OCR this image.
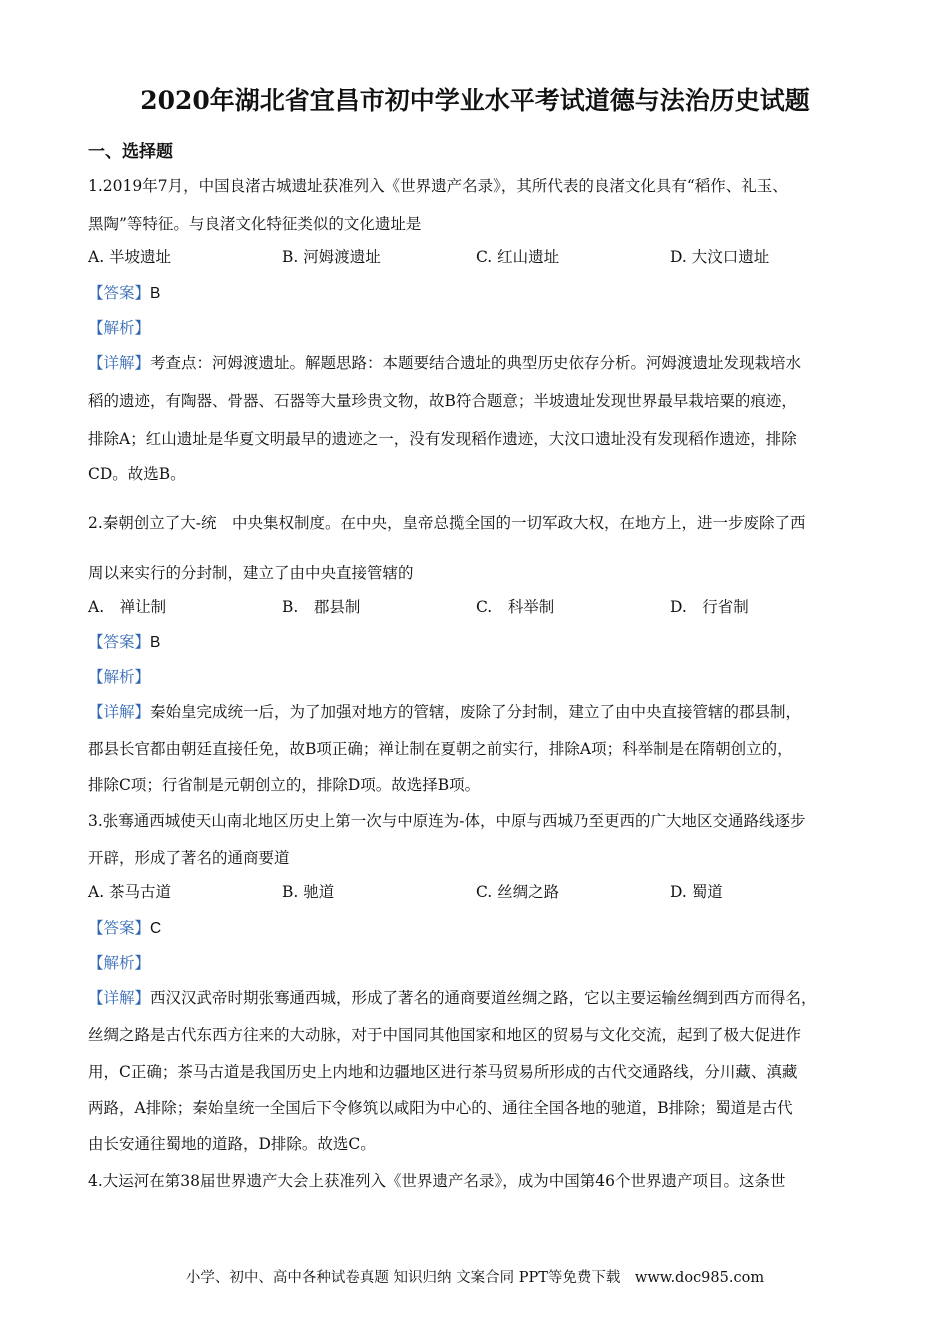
2020年湖北省宜昌市初中学业水平考试道德与法治历史试题
一、选择题
1.2019年7月，中国良渚古城遗址获准列入《世界遗产名录》，其所代表的良渚文化具有“稻作、礼玉、
黑陶”等特征。与良渚文化特征类似的文化遗址是
A. 半坡遗址	B. 河姆渡遗址	C. 红山遗址	D. 大汶口遗址
【答案】B
【解析】
【详解】考查点：河姆渡遗址。解题思路：本题要结合遗址的典型历史依存分析。河姆渡遗址发现栽培水
稻的遗迹，有陶器、骨器、石器等大量珍贵文物，故B符合题意；半坡遗址发现世界最早栽培粟的痕迹，
排除A；红山遗址是华夏文明最早的遗迹之一，没有发现稻作遗迹，大汶口遗址没有发现稻作遗迹，排除
CD。故选B。
2.秦朝创立了大-统　中央集权制度。在中央，皇帝总揽全国的一切军政大权，在地方上，进一步废除了西
周以来实行的分封制，建立了由中央直接管辖的
A.　禅让制	B.　郡县制	C.　科举制	D.　行省制
【答案】B
【解析】
【详解】秦始皇完成统一后，为了加强对地方的管辖，废除了分封制，建立了由中央直接管辖的郡县制，
郡县长官都由朝廷直接任免，故B项正确；禅让制在夏朝之前实行，排除A项；科举制是在隋朝创立的，
排除C项；行省制是元朝创立的，排除D项。故选择B项。
3.张骞通西城使天山南北地区历史上第一次与中原连为-体，中原与西城乃至更西的广大地区交通路线逐步
开辟，形成了著名的通商要道
A. 茶马古道	B. 驰道	C. 丝绸之路	D. 蜀道
【答案】C
【解析】
【详解】西汉汉武帝时期张骞通西城，形成了著名的通商要道丝绸之路，它以主要运输丝绸到西方而得名，
丝绸之路是古代东西方往来的大动脉，对于中国同其他国家和地区的贸易与文化交流，起到了极大促进作
用，C正确；茶马古道是我国历史上内地和边疆地区进行茶马贸易所形成的古代交通路线，分川藏、滇藏
两路，A排除；秦始皇统一全国后下令修筑以咸阳为中心的、通往全国各地的驰道，B排除；蜀道是古代
由长安通往蜀地的道路，D排除。故选C。
4.大运河在第38届世界遗产大会上获准列入《世界遗产名录》，成为中国第46个世界遗产项目。这条世
小学、初中、高中各种试卷真题 知识归纳 文案合同 PPT等免费下载　www.doc985.com
